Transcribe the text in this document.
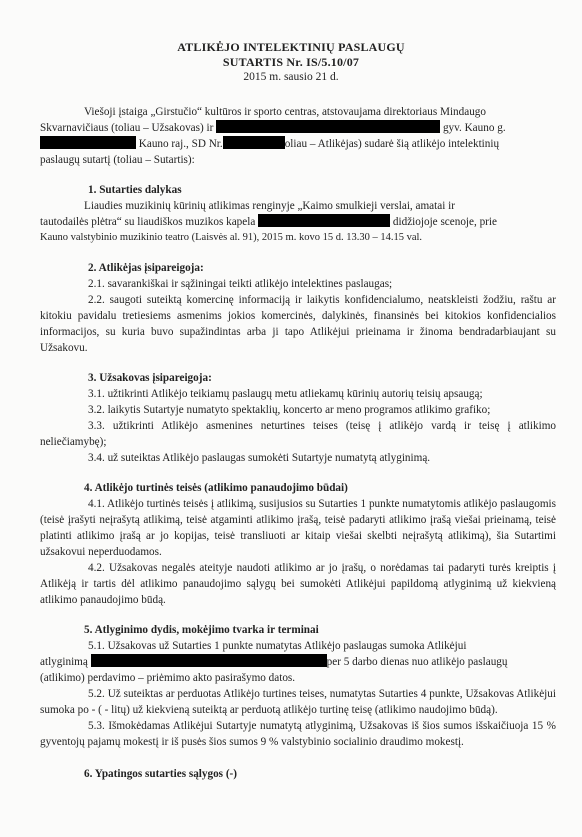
ATLIKĖJO INTELEKTINIŲ PASLAUGŲ
SUTARTIS Nr. IS/5.10/07
2015 m. sausio 21 d.

Viešoji įstaiga „Girstučio“ kultūros ir sporto centras, atstovaujama direktoriaus Mindaugo

Skvarnavičiaus (toliau – Užsakovas) ir	gyv. Kauno g.

Kauno raj., SD Nr.	oliau – Atlikėjas) sudarė šią atlikėjo intelektinių

paslaugų sutartį (toliau – Sutartis):

1. Sutarties dalykas

Liaudies muzikinių kūrinių atlikimas renginyje „Kaimo smulkieji verslai, amatai ir

tautodailės plėtra“ su liaudiškos muzikos kapela	didžiojoje scenoje, prie

Kauno valstybinio muzikinio teatro (Laisvės al. 91), 2015 m. kovo 15 d. 13.30 – 14.15 val.

2. Atlikėjas įsipareigoja:

2.1. savarankiškai ir sąžiningai teikti atlikėjo intelektines paslaugas;

2.2. saugoti suteiktą komercinę informaciją ir laikytis konfidencialumo, neatskleisti žodžiu, raštu ar kitokiu pavidalu tretiesiems asmenims jokios komercinės, dalykinės, finansinės bei kitokios konfidencialios informacijos, su kuria buvo supažindintas arba ji tapo Atlikėjui prieinama ir žinoma bendradarbiaujant su Užsakovu.

3. Užsakovas įsipareigoja:

3.1. užtikrinti Atlikėjo teikiamų paslaugų metu atliekamų kūrinių autorių teisių apsaugą;

3.2. laikytis Sutartyje numatyto spektaklių, koncerto ar meno programos atlikimo grafiko;

3.3. užtikrinti Atlikėjo asmenines neturtines teises (teisę į atlikėjo vardą ir teisę į atlikimo neliečiamybę);

3.4. už suteiktas Atlikėjo paslaugas sumokėti Sutartyje numatytą atlyginimą.

4. Atlikėjo turtinės teisės (atlikimo panaudojimo būdai)

4.1. Atlikėjo turtinės teisės į atlikimą, susijusios su Sutarties 1 punkte numatytomis atlikėjo paslaugomis (teisė įrašyti neįrašytą atlikimą, teisė atgaminti atlikimo įrašą, teisė padaryti atlikimo įrašą viešai prieinamą, teisė platinti atlikimo įrašą ar jo kopijas, teisė transliuoti ar kitaip viešai skelbti neįrašytą atlikimą), šia Sutartimi užsakovui neperduodamos.

4.2. Užsakovas negalės ateityje naudoti atlikimo ar jo įrašų, o norėdamas tai padaryti turės kreiptis į Atlikėją ir tartis dėl atlikimo panaudojimo sąlygų bei sumokėti Atlikėjui papildomą atlyginimą už kiekvieną atlikimo panaudojimo būdą.

5. Atlyginimo dydis, mokėjimo tvarka ir terminai

5.1. Užsakovas už Sutarties 1 punkte numatytas Atlikėjo paslaugas sumoka Atlikėjui

atlyginimą	per 5 darbo dienas nuo atlikėjo paslaugų

(atlikimo) perdavimo – priėmimo akto pasirašymo datos.

5.2. Už suteiktas ar perduotas Atlikėjo turtines teises, numatytas Sutarties 4 punkte, Užsakovas Atlikėjui sumoka po - ( - litų) už kiekvieną suteiktą ar perduotą atlikėjo turtinę teisę (atlikimo naudojimo būdą).

5.3. Išmokėdamas Atlikėjui Sutartyje numatytą atlyginimą, Užsakovas iš šios sumos išskaičiuoja 15 % gyventojų pajamų mokestį ir iš pusės šios sumos 9 % valstybinio socialinio draudimo mokestį.

6. Ypatingos sutarties sąlygos (-)
